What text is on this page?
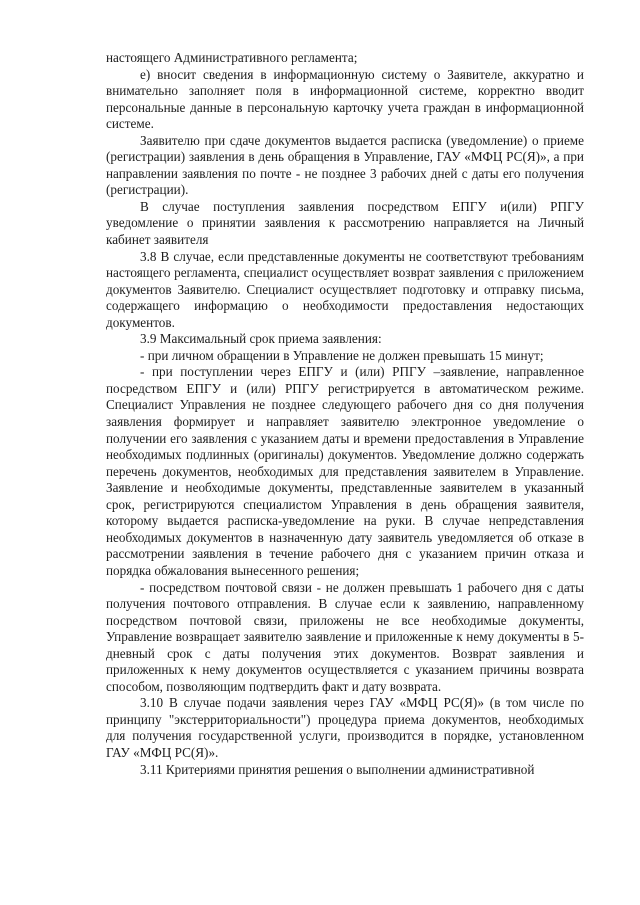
настоящего Административного регламента;

е) вносит сведения в информационную систему о Заявителе, аккуратно и внимательно заполняет поля в информационной системе, корректно вводит персональные данные в персональную карточку учета граждан в информационной системе.

Заявителю при сдаче документов выдается расписка (уведомление) о приеме (регистрации) заявления в день обращения в Управление, ГАУ «МФЦ РС(Я)», а при направлении заявления по почте - не позднее 3 рабочих дней с даты его получения (регистрации).

В случае поступления заявления посредством ЕПГУ и(или) РПГУ уведомление о принятии заявления к рассмотрению направляется на Личный кабинет заявителя

3.8 В случае, если представленные документы не соответствуют требованиям настоящего регламента, специалист осуществляет возврат заявления с приложением документов Заявителю. Специалист осуществляет подготовку и отправку письма, содержащего информацию о необходимости предоставления недостающих документов.

3.9 Максимальный срок приема заявления:

- при личном обращении в Управление не должен превышать 15 минут;

- при поступлении через ЕПГУ и (или) РПГУ –заявление, направленное посредством ЕПГУ и (или) РПГУ регистрируется в автоматическом режиме. Специалист Управления не позднее следующего рабочего дня со дня получения заявления формирует и направляет заявителю электронное уведомление о получении его заявления с указанием даты и времени предоставления в Управление необходимых подлинных (оригиналы) документов. Уведомление должно содержать перечень документов, необходимых для представления заявителем в Управление. Заявление и необходимые документы, представленные заявителем в указанный срок, регистрируются специалистом Управления в день обращения заявителя, которому выдается расписка-уведомление на руки. В случае непредставления необходимых документов в назначенную дату заявитель уведомляется об отказе в рассмотрении заявления в течение рабочего дня с указанием причин отказа и порядка обжалования вынесенного решения;

- посредством почтовой связи - не должен превышать 1 рабочего дня с даты получения почтового отправления. В случае если к заявлению, направленному посредством почтовой связи, приложены не все необходимые документы, Управление возвращает заявителю заявление и приложенные к нему документы в 5-дневный срок с даты получения этих документов. Возврат заявления и приложенных к нему документов осуществляется с указанием причины возврата способом, позволяющим подтвердить факт и дату возврата.

3.10 В случае подачи заявления через ГАУ «МФЦ РС(Я)» (в том числе по принципу "экстерриториальности") процедура приема документов, необходимых для получения государственной услуги, производится в порядке, установленном ГАУ «МФЦ РС(Я)».

3.11 Критериями принятия решения о выполнении административной
